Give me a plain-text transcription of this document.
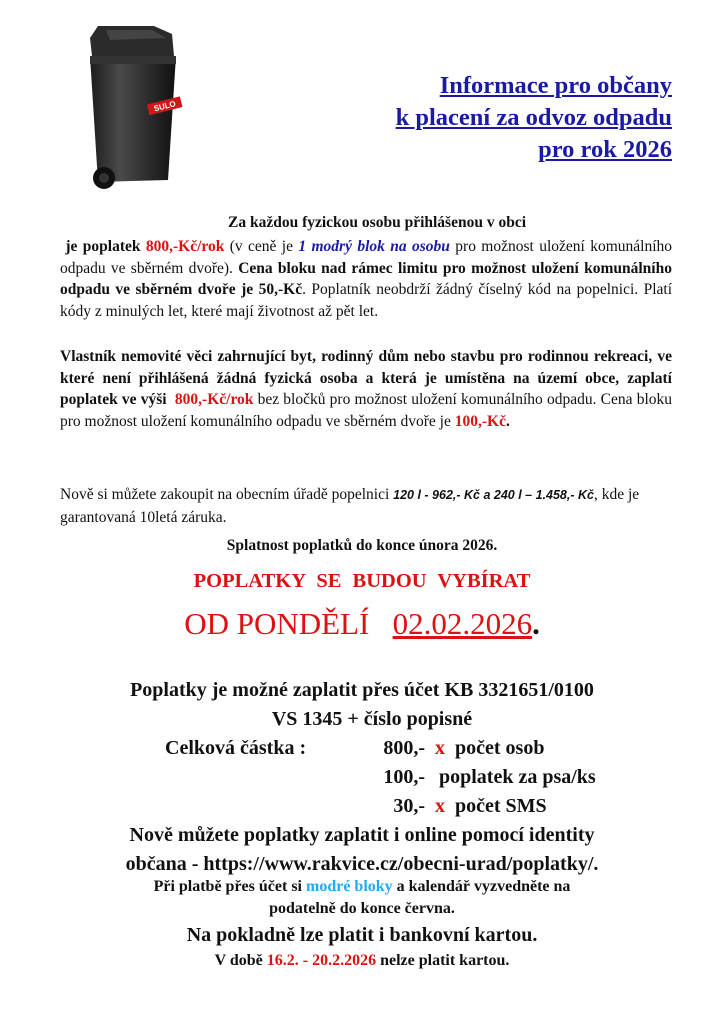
SULO
Informace pro občany
k placení za odvoz odpadu
pro rok 2026
Za každou fyzickou osobu přihlášenou v obci
je poplatek 800,-Kč/rok (v ceně je 1 modrý blok na osobu pro možnost uložení komunálního odpadu ve sběrném dvoře). Cena bloku nad rámec limitu pro možnost uložení komunálního odpadu ve sběrném dvoře je 50,-Kč. Poplatník neobdrží žádný číselný kód na popelnici. Platí kódy z minulých let, které mají životnost až pět let.
Vlastník nemovité věci zahrnující byt, rodinný dům nebo stavbu pro rodinnou rekreaci, ve které není přihlášená žádná fyzická osoba a která je umístěna na území obce, zaplatí poplatek ve výši 800,-Kč/rok bez bločků pro možnost uložení komunálního odpadu. Cena bloku pro možnost uložení komunálního odpadu ve sběrném dvoře je 100,-Kč.
Nově si můžete zakoupit na obecním úřadě popelnici 120 l - 962,- Kč a 240 l – 1.458,- Kč, kde je garantovaná 10letá záruka.
Splatnost poplatků do konce února 2026.
POPLATKY SE BUDOU VYBÍRAT
OD PONDĚLÍ 02.02.2026.
Poplatky je možné zaplatit přes účet KB 3321651/0100
VS 1345 + číslo popisné
Celková částka :	800,- x počet osob
100,- poplatek za psa/ks
30,- x počet SMS
Nově můžete poplatky zaplatit i online pomocí identity
občana - https://www.rakvice.cz/obecni-urad/poplatky/.
Při platbě přes účet si modré bloky a kalendář vyzvedněte na
podatelně do konce června.
Na pokladně lze platit i bankovní kartou.
V době 16.2. - 20.2.2026 nelze platit kartou.
